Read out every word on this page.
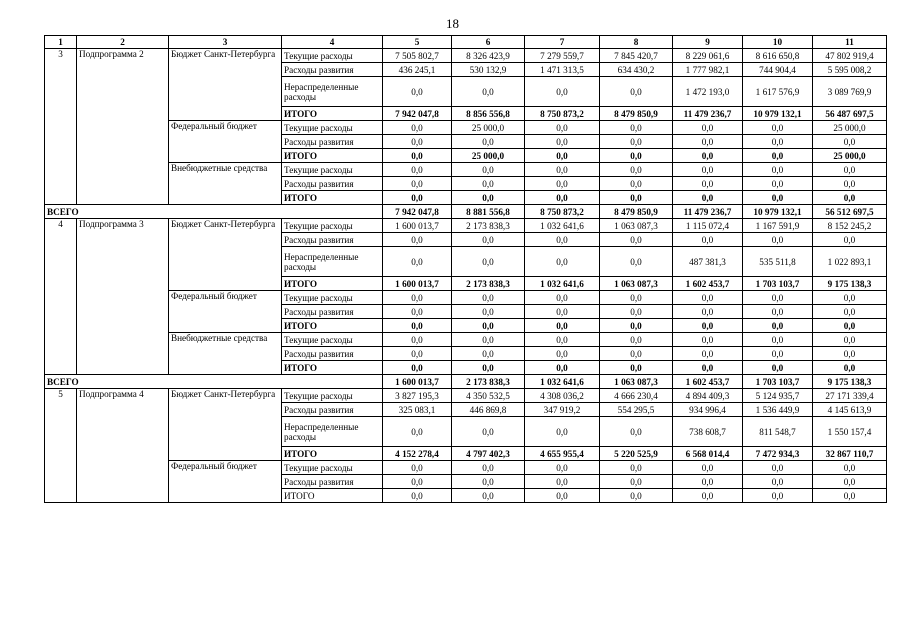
18
1	2	3	4	5	6	7	8	9	10	11
3	Подпрограмма 2	Бюджет Санкт-Петербурга	Текущие расходы	7 505 802,7	8 326 423,9	7 279 559,7	7 845 420,7	8 229 061,6	8 616 650,8	47 802 919,4
			Расходы развития	436 245,1	530 132,9	1 471 313,5	634 430,2	1 777 982,1	744 904,4	5 595 008,2
			Нераспределенные расходы	0,0	0,0	0,0	0,0	1 472 193,0	1 617 576,9	3 089 769,9
			ИТОГО	7 942 047,8	8 856 556,8	8 750 873,2	8 479 850,9	11 479 236,7	10 979 132,1	56 487 697,5
		Федеральный бюджет	Текущие расходы	0,0	25 000,0	0,0	0,0	0,0	0,0	25 000,0
			Расходы развития	0,0	0,0	0,0	0,0	0,0	0,0	0,0
			ИТОГО	0,0	25 000,0	0,0	0,0	0,0	0,0	25 000,0
		Внебюджетные средства	Текущие расходы	0,0	0,0	0,0	0,0	0,0	0,0	0,0
			Расходы развития	0,0	0,0	0,0	0,0	0,0	0,0	0,0
			ИТОГО	0,0	0,0	0,0	0,0	0,0	0,0	0,0
ВСЕГО				7 942 047,8	8 881 556,8	8 750 873,2	8 479 850,9	11 479 236,7	10 979 132,1	56 512 697,5
4	Подпрограмма 3	Бюджет Санкт-Петербурга	Текущие расходы	1 600 013,7	2 173 838,3	1 032 641,6	1 063 087,3	1 115 072,4	1 167 591,9	8 152 245,2
			Расходы развития	0,0	0,0	0,0	0,0	0,0	0,0	0,0
			Нераспределенные расходы	0,0	0,0	0,0	0,0	487 381,3	535 511,8	1 022 893,1
			ИТОГО	1 600 013,7	2 173 838,3	1 032 641,6	1 063 087,3	1 602 453,7	1 703 103,7	9 175 138,3
		Федеральный бюджет	Текущие расходы	0,0	0,0	0,0	0,0	0,0	0,0	0,0
			Расходы развития	0,0	0,0	0,0	0,0	0,0	0,0	0,0
			ИТОГО	0,0	0,0	0,0	0,0	0,0	0,0	0,0
		Внебюджетные средства	Текущие расходы	0,0	0,0	0,0	0,0	0,0	0,0	0,0
			Расходы развития	0,0	0,0	0,0	0,0	0,0	0,0	0,0
			ИТОГО	0,0	0,0	0,0	0,0	0,0	0,0	0,0
ВСЕГО				1 600 013,7	2 173 838,3	1 032 641,6	1 063 087,3	1 602 453,7	1 703 103,7	9 175 138,3
5	Подпрограмма 4	Бюджет Санкт-Петербурга	Текущие расходы	3 827 195,3	4 350 532,5	4 308 036,2	4 666 230,4	4 894 409,3	5 124 935,7	27 171 339,4
			Расходы развития	325 083,1	446 869,8	347 919,2	554 295,5	934 996,4	1 536 449,9	4 145 613,9
			Нераспределенные расходы	0,0	0,0	0,0	0,0	738 608,7	811 548,7	1 550 157,4
			ИТОГО	4 152 278,4	4 797 402,3	4 655 955,4	5 220 525,9	6 568 014,4	7 472 934,3	32 867 110,7
		Федеральный бюджет	Текущие расходы	0,0	0,0	0,0	0,0	0,0	0,0	0,0
			Расходы развития	0,0	0,0	0,0	0,0	0,0	0,0	0,0
			ИТОГО	0,0	0,0	0,0	0,0	0,0	0,0	0,0
